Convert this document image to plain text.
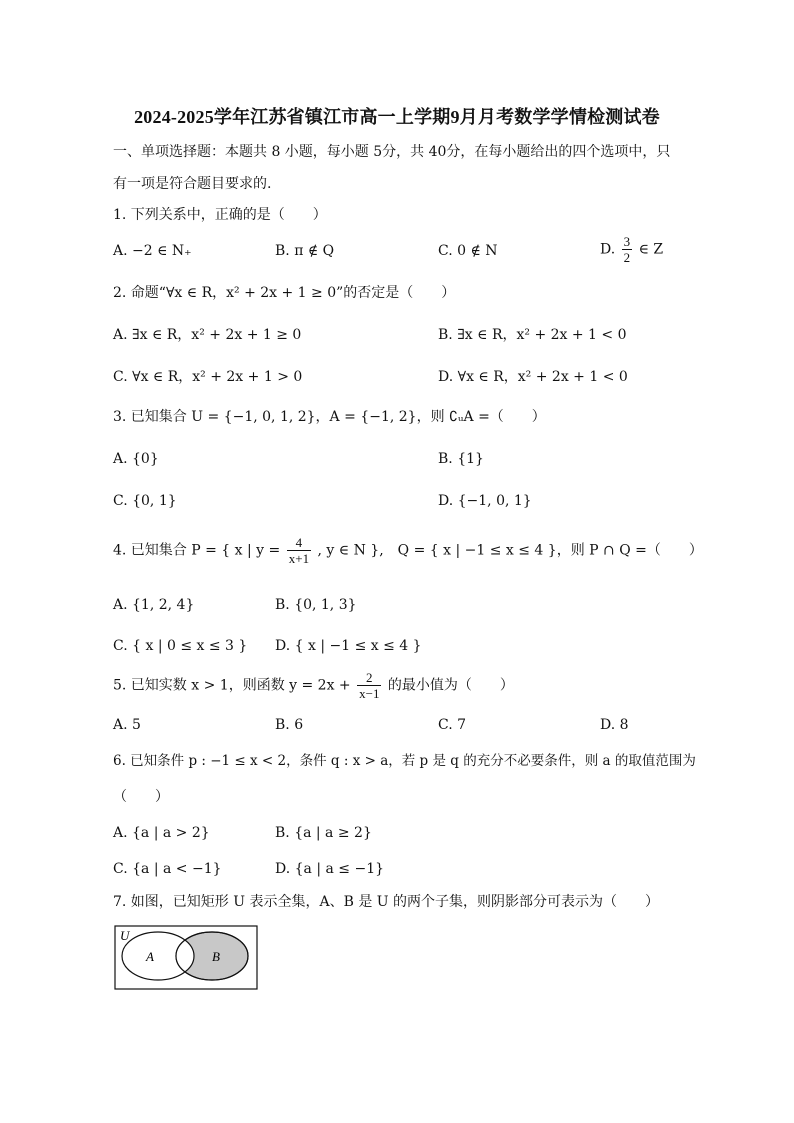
2024-2025学年江苏省镇江市高一上学期9月月考数学学情检测试卷
一、单项选择题：本题共 8 小题，每小题 5分，共 40分，在每小题给出的四个选项中，只
有一项是符合题目要求的.
1. 下列关系中，正确的是（　　）
A. −2 ∈ N₊	B. π ∉ Q	C. 0 ∉ N	D. $\frac{3}{2}$ ∈ Z
2. 命题“∀x ∈ R，x² + 2x + 1 ≥ 0”的否定是（　　）
A. ∃x ∈ R，x² + 2x + 1 ≥ 0	B. ∃x ∈ R，x² + 2x + 1 < 0
C. ∀x ∈ R，x² + 2x + 1 > 0	D. ∀x ∈ R，x² + 2x + 1 < 0
3. 已知集合 U = {−1, 0, 1, 2}，A = {−1, 2}，则 ∁ᵤA =（　　）
A. {0}	B. {1}
C. {0, 1}	D. {−1, 0, 1}
4. 已知集合 P = { x | $y = \frac{4}{x+1}$ , y ∈ N },　Q = { x | −1 ≤ x ≤ 4 }，则 P ∩ Q =（　　）
A. {1, 2, 4}	B. {0, 1, 3}
C. { x | 0 ≤ x ≤ 3 } D. { x | −1 ≤ x ≤ 4 }
5. 已知实数 x > 1，则函数 $y = 2x + \frac{2}{x-1}$ 的最小值为（　　）
A. 5	B. 6	C. 7	D. 8
6. 已知条件 p : −1 ≤ x < 2，条件 q : x > a，若 p 是 q 的充分不必要条件，则 a 的取值范围为
（　　）
A. {a | a > 2}	B. {a | a ≥ 2}
C. {a | a < −1}	D. {a | a ≤ −1}
7. 如图，已知矩形 U 表示全集，A、B 是 U 的两个子集，则阴影部分可表示为（　　）
U
A	B
